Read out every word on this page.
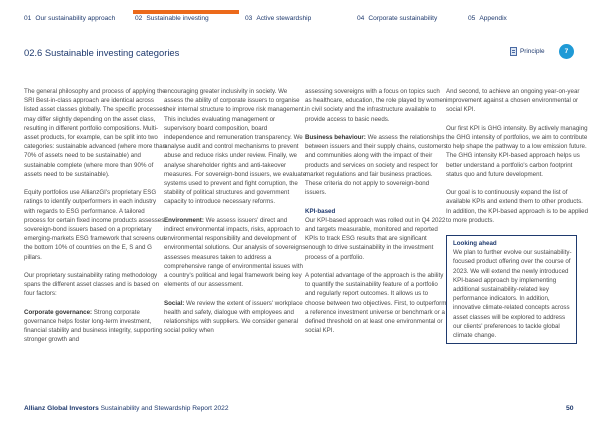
01 Our sustainability approach	02 Sustainable investing	03 Active stewardship	04 Corporate sustainability	05 Appendix
02.6 Sustainable investing categories	Principle	7

The general philosophy and process of applying the SRI Best-in-class approach are identical across listed asset classes globally. The specific processes may differ slightly depending on the asset class, resulting in different portfolio compositions. Multi-asset products, for example, can be split into two categories: sustainable advanced (where more than 70% of assets need to be sustainable) and sustainable complete (where more than 90% of assets need to be sustainable).

Equity portfolios use AllianzGI's proprietary ESG ratings to identify outperformers in each industry with regards to ESG performance. A tailored process for certain fixed income products assesses sovereign-bond issuers based on a proprietary emerging-markets ESG framework that screens out the bottom 10% of countries on the E, S and G pillars.

Our proprietary sustainability rating methodology spans the different asset classes and is based on four factors:

Corporate governance: Strong corporate governance helps foster long-term investment, financial stability and business integrity, supporting stronger growth and

encouraging greater inclusivity in society. We assess the ability of corporate issuers to organise their internal structure to improve risk management. This includes evaluating management or supervisory board composition, board independence and remuneration transparency. We analyse audit and control mechanisms to prevent abuse and reduce risks under review. Finally, we analyse shareholder rights and anti-takeover measures. For sovereign-bond issuers, we evaluate systems used to prevent and fight corruption, the stability of political structures and government capacity to introduce necessary reforms.

Environment: We assess issuers' direct and indirect environmental impacts, risks, approach to environmental responsibility and development of environmental solutions. Our analysis of sovereigns assesses measures taken to address a comprehensive range of environmental issues with a country's political and legal framework being key elements of our assessment.

Social: We review the extent of issuers' workplace health and safety, dialogue with employees and relationships with suppliers. We consider general social policy when

assessing sovereigns with a focus on topics such as healthcare, education, the role played by women in civil society and the infrastructure available to provide access to basic needs.

Business behaviour: We assess the relationships between issuers and their supply chains, customers and communities along with the impact of their products and services on society and respect for market regulations and fair business practices. These criteria do not apply to sovereign-bond issuers.

KPI-based
Our KPI-based approach was rolled out in Q4 2022 and targets measurable, monitored and reported KPIs to track ESG results that are significant enough to drive sustainability in the investment process of a portfolio.

A potential advantage of the approach is the ability to quantify the sustainability feature of a portfolio and regularly report outcomes. It allows us to choose between two objectives. First, to outperform a reference investment universe or benchmark or a defined threshold on at least one environmental or social KPI.

And second, to achieve an ongoing year-on-year improvement against a chosen environmental or social KPI.

Our first KPI is GHG intensity. By actively managing the GHG intensity of portfolios, we aim to contribute to help shape the pathway to a low emission future. The GHG intensity KPI-based approach helps us better understand a portfolio's carbon footprint status quo and future development.

Our goal is to continuously expand the list of available KPIs and extend them to other products. In addition, the KPI-based approach is to be applied to more products.

Looking ahead
We plan to further evolve our sustainability-focused product offering over the course of 2023. We will extend the newly introduced KPI-based approach by implementing additional sustainability-related key performance indicators. In addition, innovative climate-related concepts across asset classes will be explored to address our clients' preferences to tackle global climate change.
Allianz Global Investors Sustainability and Stewardship Report 2022	50
